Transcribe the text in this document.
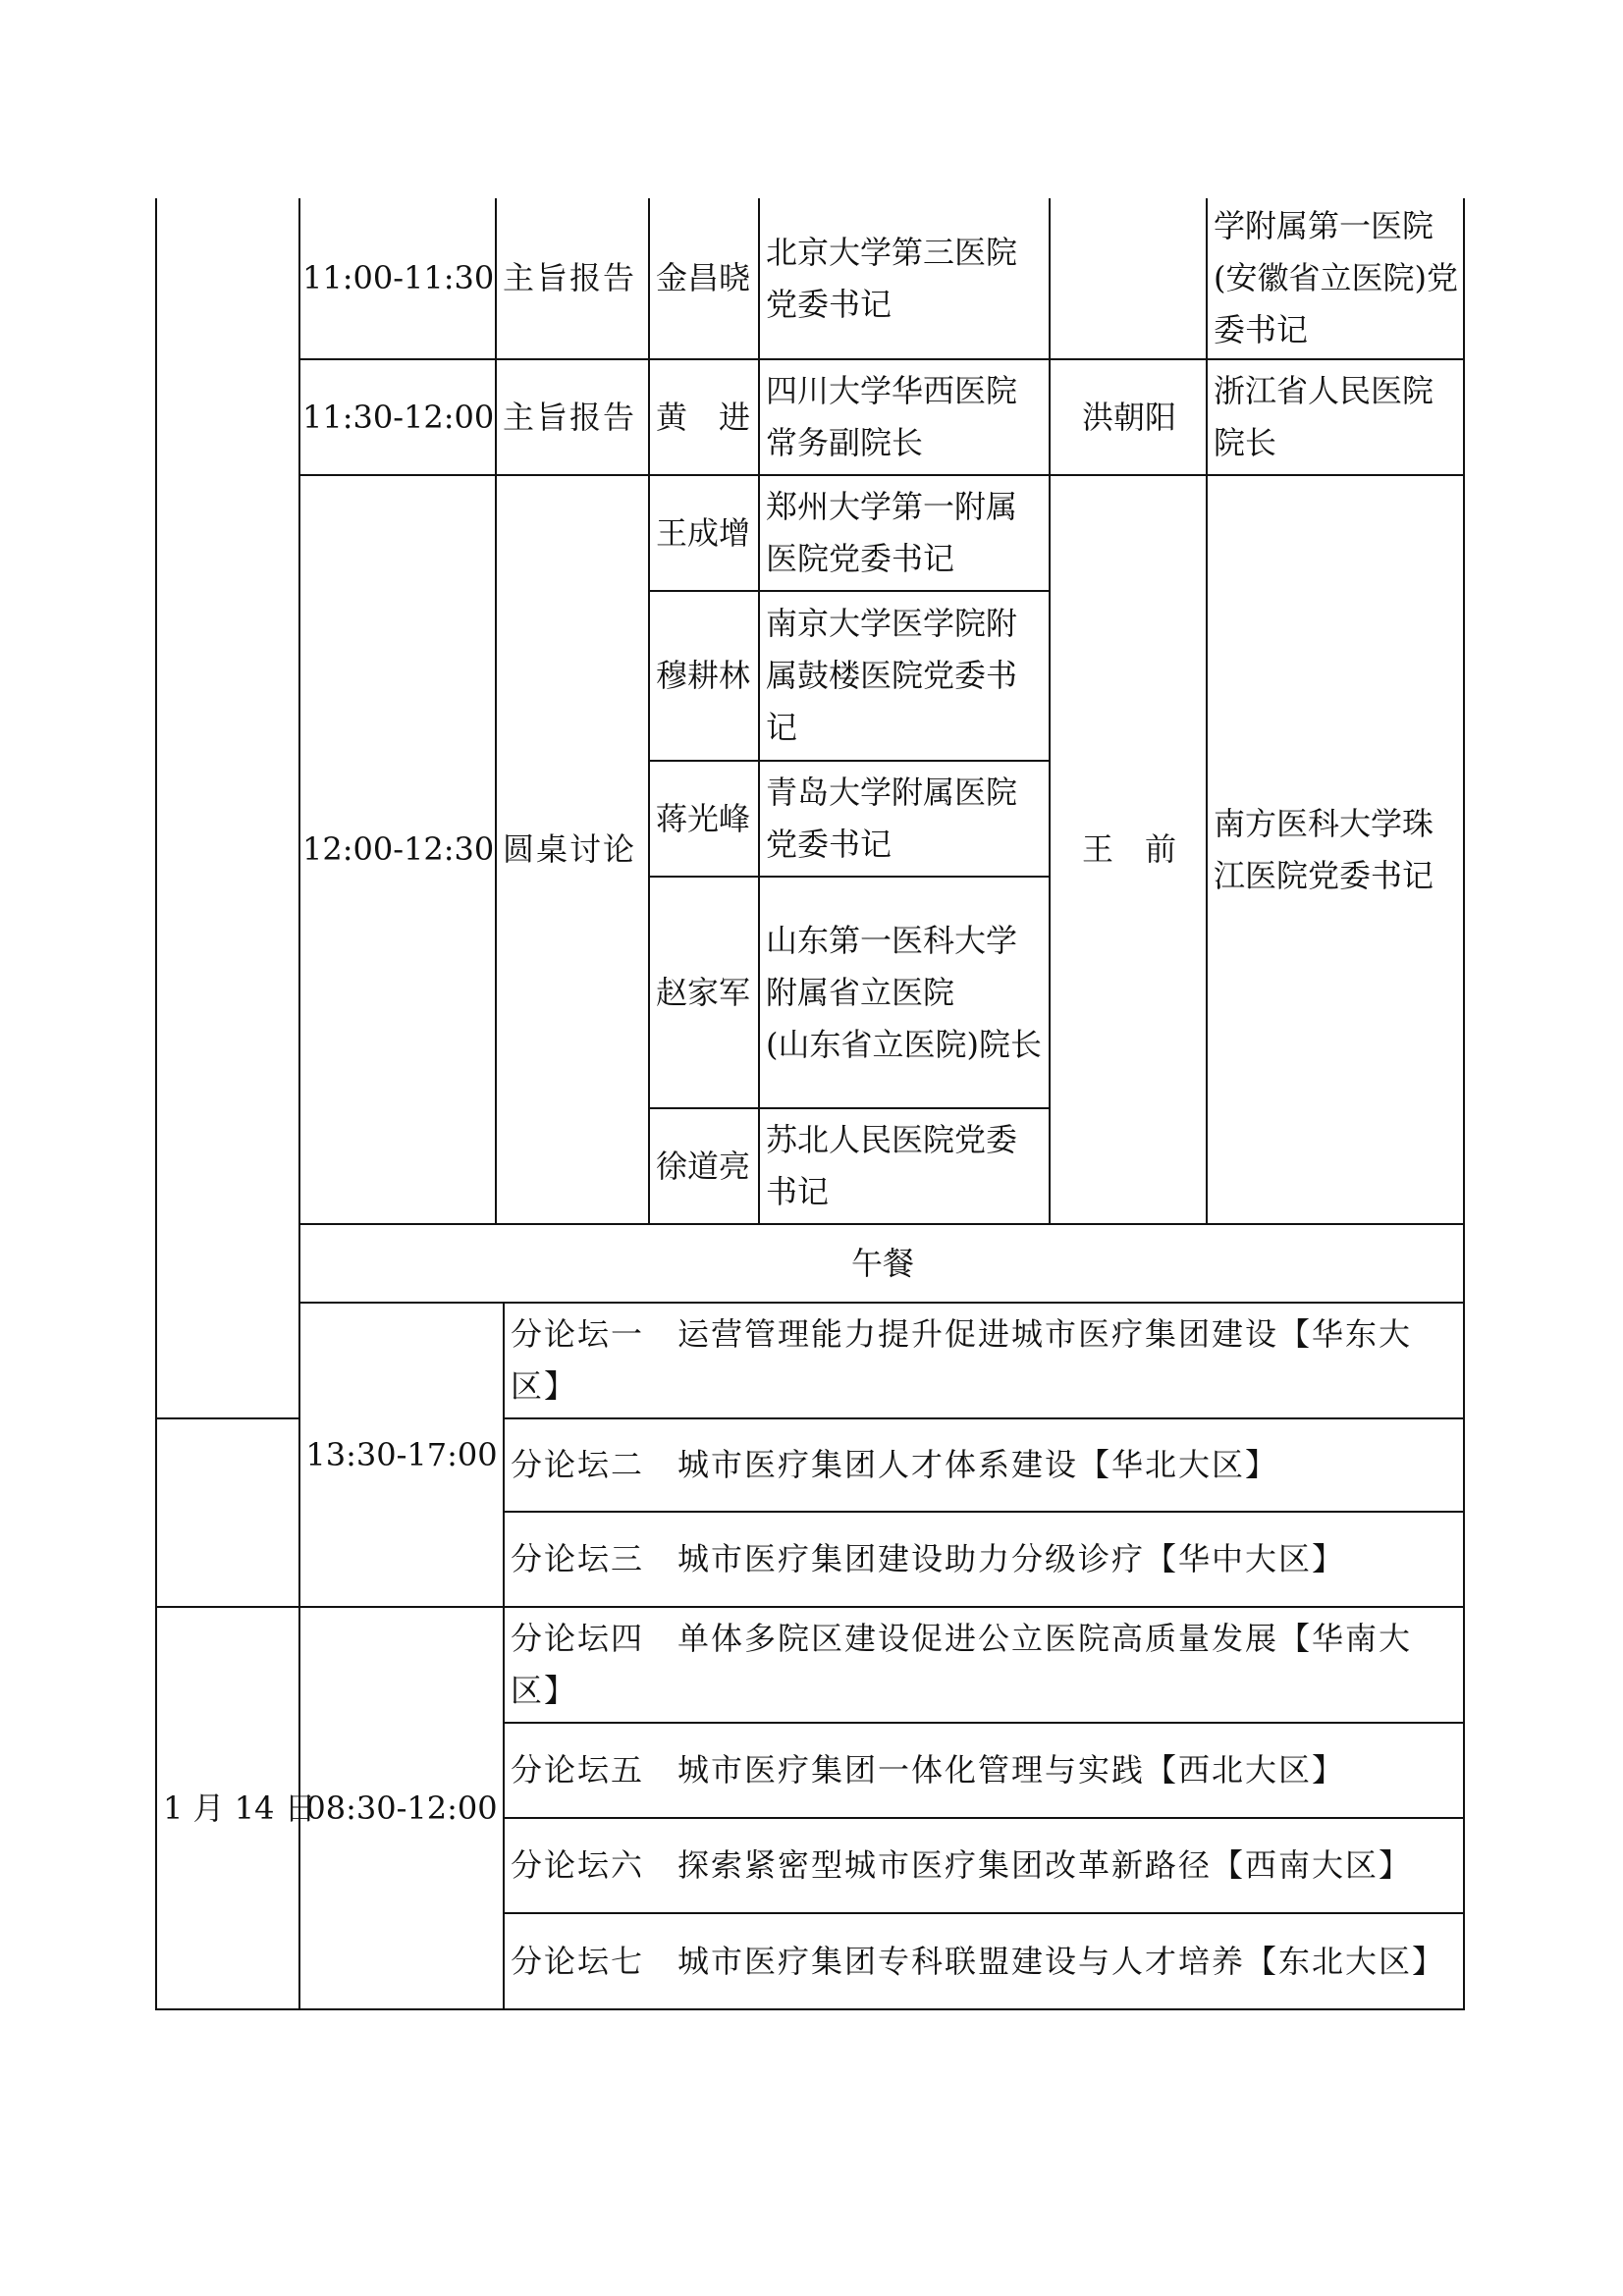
	11:00-11:30	主旨报告		金昌晓	北京大学第三医院党委书记		学附属第一医院(安徽省立医院)党委书记
	11:30-12:00	主旨报告		黄　进	四川大学华西医院常务副院长	洪朝阳	浙江省人民医院院长
	12:00-12:30	圆桌讨论		王成增	郑州大学第一附属医院党委书记	王　前	南方医科大学珠江医院党委书记
				穆耕林	南京大学医学院附属鼓楼医院党委书记		
				蒋光峰	青岛大学附属医院党委书记		
				赵家军	山东第一医科大学附属省立医院
(山东省立医院)院长		

				徐道亮	苏北人民医院党委书记		
	午餐						
	13:30-17:00		分论坛一　运营管理能力提升促进城市医疗集团建设【华东大区】				
			分论坛二　城市医疗集团人才体系建设【华北大区】				
			分论坛三　城市医疗集团建设助力分级诊疗【华中大区】				
1 月 14 日	08:30-12:00		分论坛四　单体多院区建设促进公立医院高质量发展【华南大区】				
			分论坛五　城市医疗集团一体化管理与实践【西北大区】				
			分论坛六　探索紧密型城市医疗集团改革新路径【西南大区】				
			分论坛七　城市医疗集团专科联盟建设与人才培养【东北大区】				
